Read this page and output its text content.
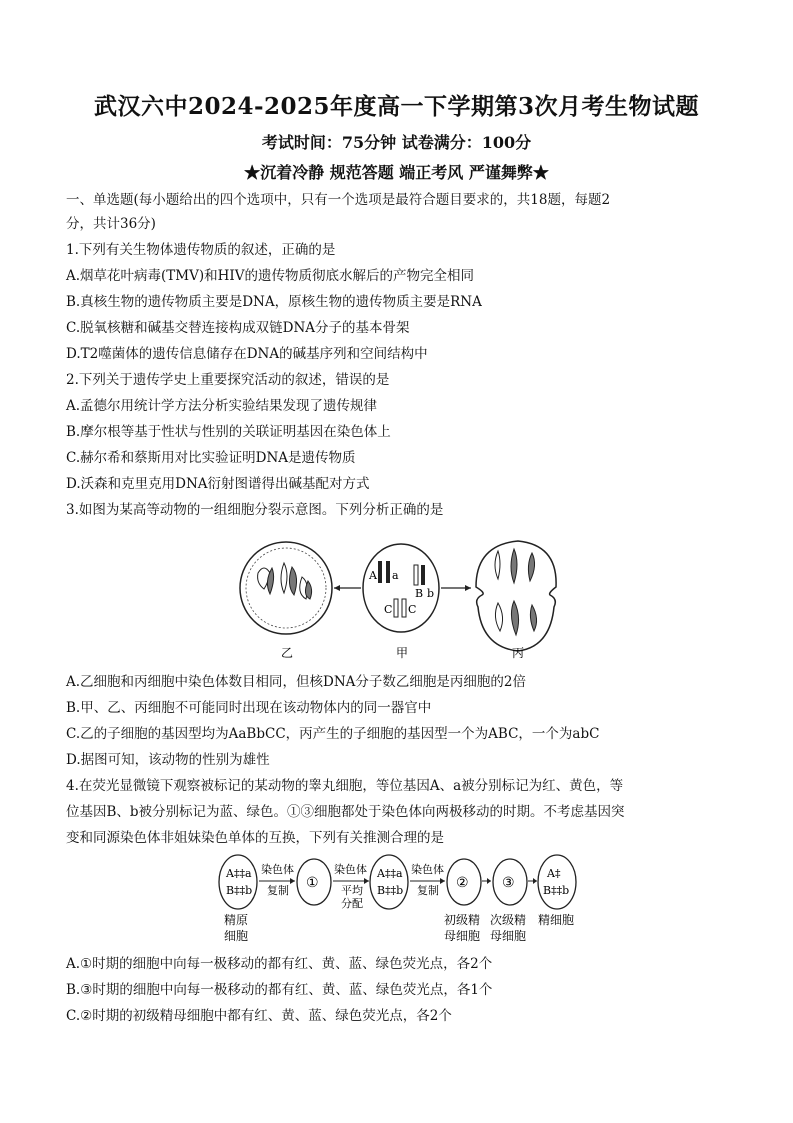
武汉六中2024-2025年度高一下学期第3次月考生物试题
考试时间：75分钟 试卷满分：100分
★沉着冷静 规范答题 端正考风 严谨舞弊★
一、单选题(每小题给出的四个选项中，只有一个选项是最符合题目要求的，共18题，每题2
分，共计36分)
1.下列有关生物体遗传物质的叙述，正确的是
A.烟草花叶病毒(TMV)和HIV的遗传物质彻底水解后的产物完全相同
B.真核生物的遗传物质主要是DNA，原核生物的遗传物质主要是RNA
C.脱氧核糖和碱基交替连接构成双链DNA分子的基本骨架
D.T2噬菌体的遗传信息储存在DNA的碱基序列和空间结构中
2.下列关于遗传学史上重要探究活动的叙述，错误的是
A.孟德尔用统计学方法分析实验结果发现了遗传规律
B.摩尔根等基于性状与性别的关联证明基因在染色体上
C.赫尔希和蔡斯用对比实验证明DNA是遗传物质
D.沃森和克里克用DNA衍射图谱得出碱基配对方式
3.如图为某高等动物的一组细胞分裂示意图。下列分析正确的是
A a
B b
C C
乙	甲	丙
A.乙细胞和丙细胞中染色体数目相同，但核DNA分子数乙细胞是丙细胞的2倍
B.甲、乙、丙细胞不可能同时出现在该动物体内的同一器官中
C.乙的子细胞的基因型均为AaBbCC，丙产生的子细胞的基因型一个为ABC，一个为abC
D.据图可知，该动物的性别为雄性
4.在荧光显微镜下观察被标记的某动物的睾丸细胞，等位基因A、a被分别标记为红、黄色，等
位基因B、b被分别标记为蓝、绿色。①③细胞都处于染色体向两极移动的时期。不考虑基因突
变和同源染色体非姐妹染色单体的互换，下列有关推测合理的是
A‡‡a
B‡‡b
染色体
复制 ①
染色体
平均
分配
A‡‡a
B‡‡b
染色体
复制 ② ③
A‡
B‡‡b
精原
细胞
初级精
母细胞
次级精
母细胞
精细胞
A.①时期的细胞中向每一极移动的都有红、黄、蓝、绿色荧光点，各2个
B.③时期的细胞中向每一极移动的都有红、黄、蓝、绿色荧光点，各1个
C.②时期的初级精母细胞中都有红、黄、蓝、绿色荧光点，各2个
